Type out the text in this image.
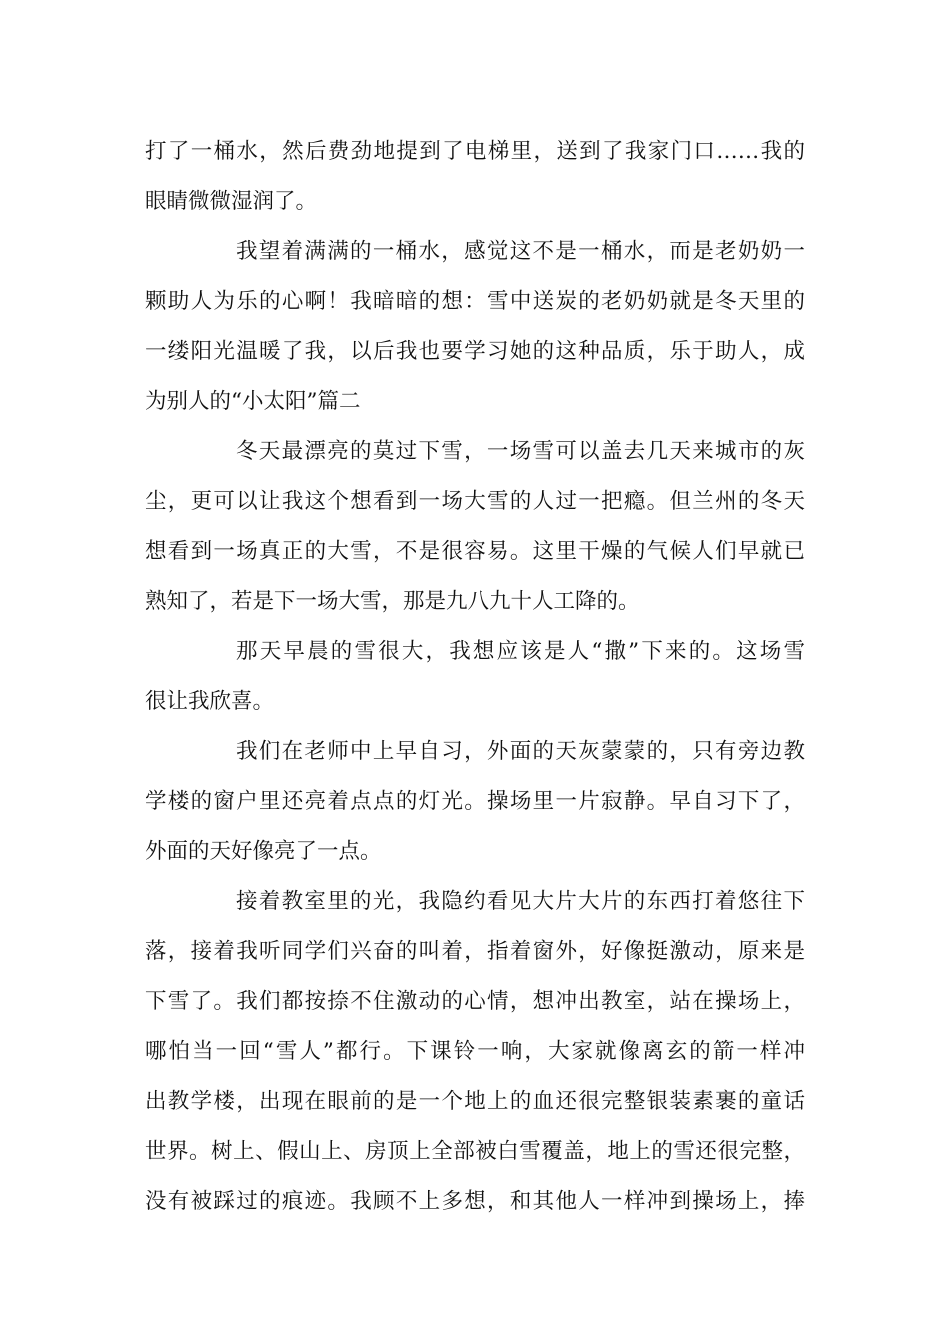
打了一桶水，然后费劲地提到了电梯里，送到了我家门口……我的

眼睛微微湿润了。

我望着满满的一桶水，感觉这不是一桶水，而是老奶奶一

颗助人为乐的心啊！我暗暗的想：雪中送炭的老奶奶就是冬天里的

一缕阳光温暖了我，以后我也要学习她的这种品质，乐于助人，成

为别人的“小太阳”篇二

冬天最漂亮的莫过下雪，一场雪可以盖去几天来城市的灰

尘，更可以让我这个想看到一场大雪的人过一把瘾。但兰州的冬天

想看到一场真正的大雪，不是很容易。这里干燥的气候人们早就已

熟知了，若是下一场大雪，那是九八九十人工降的。

那天早晨的雪很大，我想应该是人“撒”下来的。这场雪

很让我欣喜。

我们在老师中上早自习，外面的天灰蒙蒙的，只有旁边教

学楼的窗户里还亮着点点的灯光。操场里一片寂静。早自习下了，

外面的天好像亮了一点。

接着教室里的光，我隐约看见大片大片的东西打着悠往下

落，接着我听同学们兴奋的叫着，指着窗外，好像挺激动，原来是

下雪了。我们都按捺不住激动的心情，想冲出教室，站在操场上，

哪怕当一回“雪人”都行。下课铃一响，大家就像离玄的箭一样冲

出教学楼，出现在眼前的是一个地上的血还很完整银装素裹的童话

世界。树上、假山上、房顶上全部被白雪覆盖，地上的雪还很完整，

没有被踩过的痕迹。我顾不上多想，和其他人一样冲到操场上，捧
